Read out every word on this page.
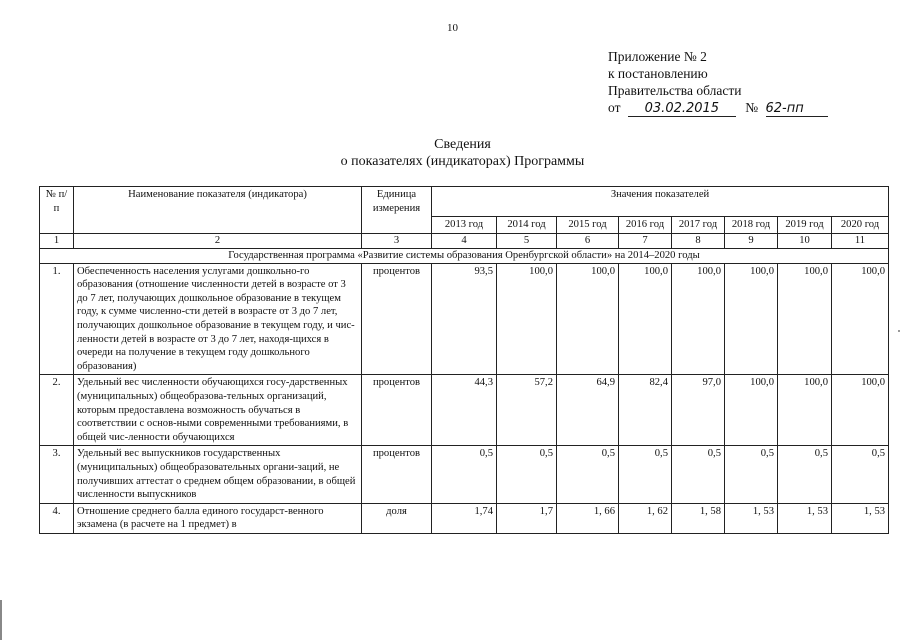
10
Приложение № 2
к постановлению
Правительства области
от 03.02.2015 № 62-пп
Сведения
о показателях (индикаторах) Программы
№ п/п	Наименование показателя (индикатора)	Единица измерения	Значения показателей							
			2013 год	2014 год	2015 год	2016 год	2017 год	2018 год	2019 год	2020 год
1	2	3	4	5	6	7	8	9	10	11
Государственная программа «Развитие системы образования Оренбургской области» на 2014–2020 годы										
1.	Обеспеченность населения услугами дошкольно-го образования (отношение численности детей в возрасте от 3 до 7 лет, получающих дошкольное образование в текущем году, к сумме численно-сти детей в возрасте от 3 до 7 лет, получающих дошкольное образование в текущем году, и чис-ленности детей в возрасте от 3 до 7 лет, находя-щихся в очереди на получение в текущем году дошкольного образования)	процентов	93,5	100,0	100,0	100,0	100,0	100,0	100,0	100,0
2.	Удельный вес численности обучающихся госу-дарственных (муниципальных) общеобразова-тельных организаций, которым предоставлена возможность обучаться в соответствии с основ-ными современными требованиями, в общей чис-ленности обучающихся	процентов	44,3	57,2	64,9	82,4	97,0	100,0	100,0	100,0
3.	Удельный вес выпускников государственных (муниципальных) общеобразовательных органи-заций, не получивших аттестат о среднем общем образовании, в общей численности выпускников	процентов	0,5	0,5	0,5	0,5	0,5	0,5	0,5	0,5
4.	Отношение среднего балла единого государст-венного экзамена (в расчете на 1 предмет) в	доля	1,74	1,7	1, 66	1, 62	1, 58	1, 53	1, 53	1, 53
